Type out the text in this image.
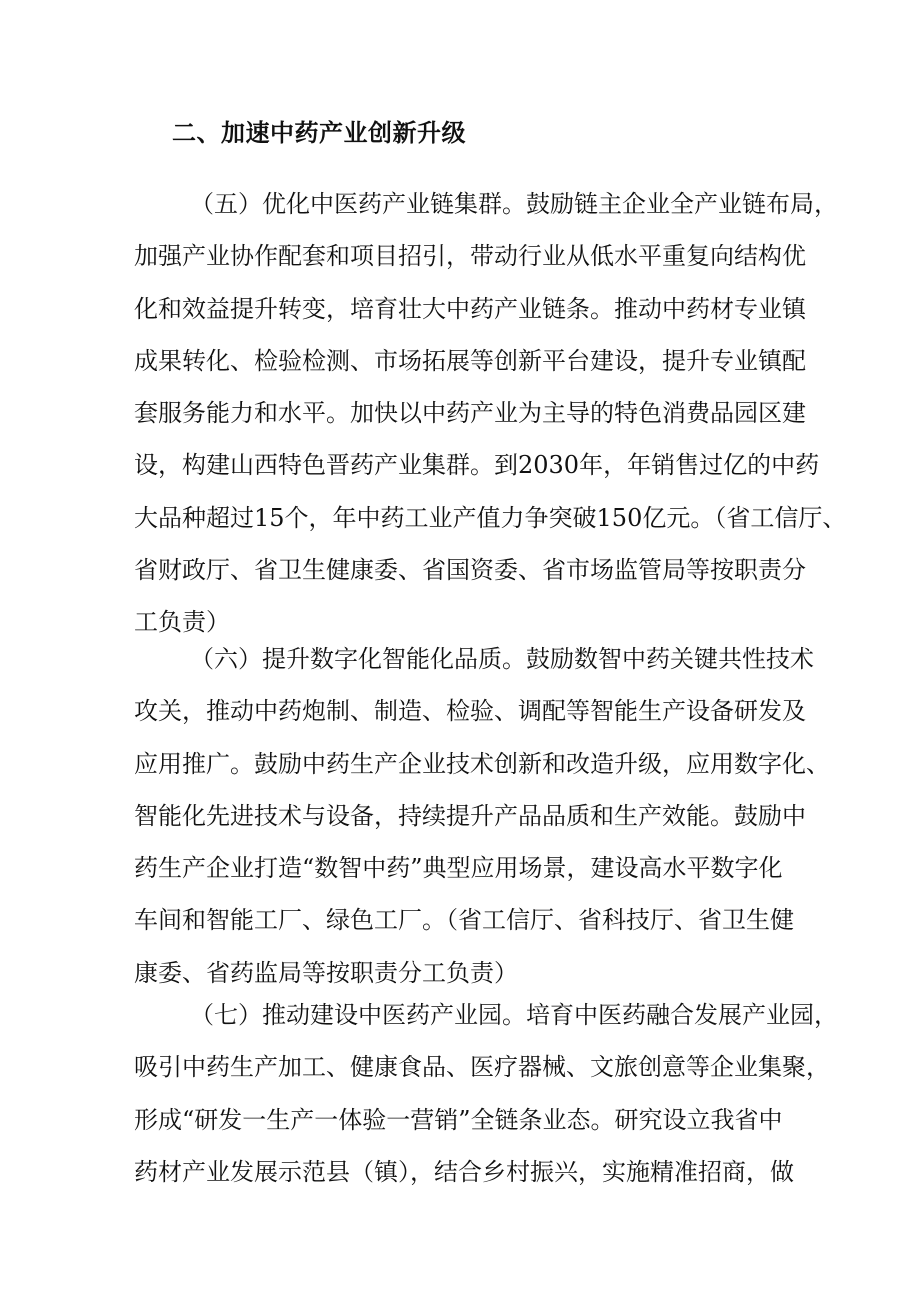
二、加速中药产业创新升级
（五）优化中医药产业链集群。鼓励链主企业全产业链布局，
加强产业协作配套和项目招引，带动行业从低水平重复向结构优
化和效益提升转变，培育壮大中药产业链条。推动中药材专业镇
成果转化、检验检测、市场拓展等创新平台建设，提升专业镇配
套服务能力和水平。加快以中药产业为主导的特色消费品园区建
设，构建山西特色晋药产业集群。到2030年，年销售过亿的中药
大品种超过15个，年中药工业产值力争突破150亿元。（省工信厅、
省财政厅、省卫生健康委、省国资委、省市场监管局等按职责分
工负责）
（六）提升数字化智能化品质。鼓励数智中药关键共性技术
攻关，推动中药炮制、制造、检验、调配等智能生产设备研发及
应用推广。鼓励中药生产企业技术创新和改造升级，应用数字化、
智能化先进技术与设备，持续提升产品品质和生产效能。鼓励中
药生产企业打造“数智中药”典型应用场景，建设高水平数字化
车间和智能工厂、绿色工厂。（省工信厅、省科技厅、省卫生健
康委、省药监局等按职责分工负责）
（七）推动建设中医药产业园。培育中医药融合发展产业园，
吸引中药生产加工、健康食品、医疗器械、文旅创意等企业集聚，
形成“研发一生产一体验一营销”全链条业态。研究设立我省中
药材产业发展示范县（镇），结合乡村振兴，实施精准招商，做
